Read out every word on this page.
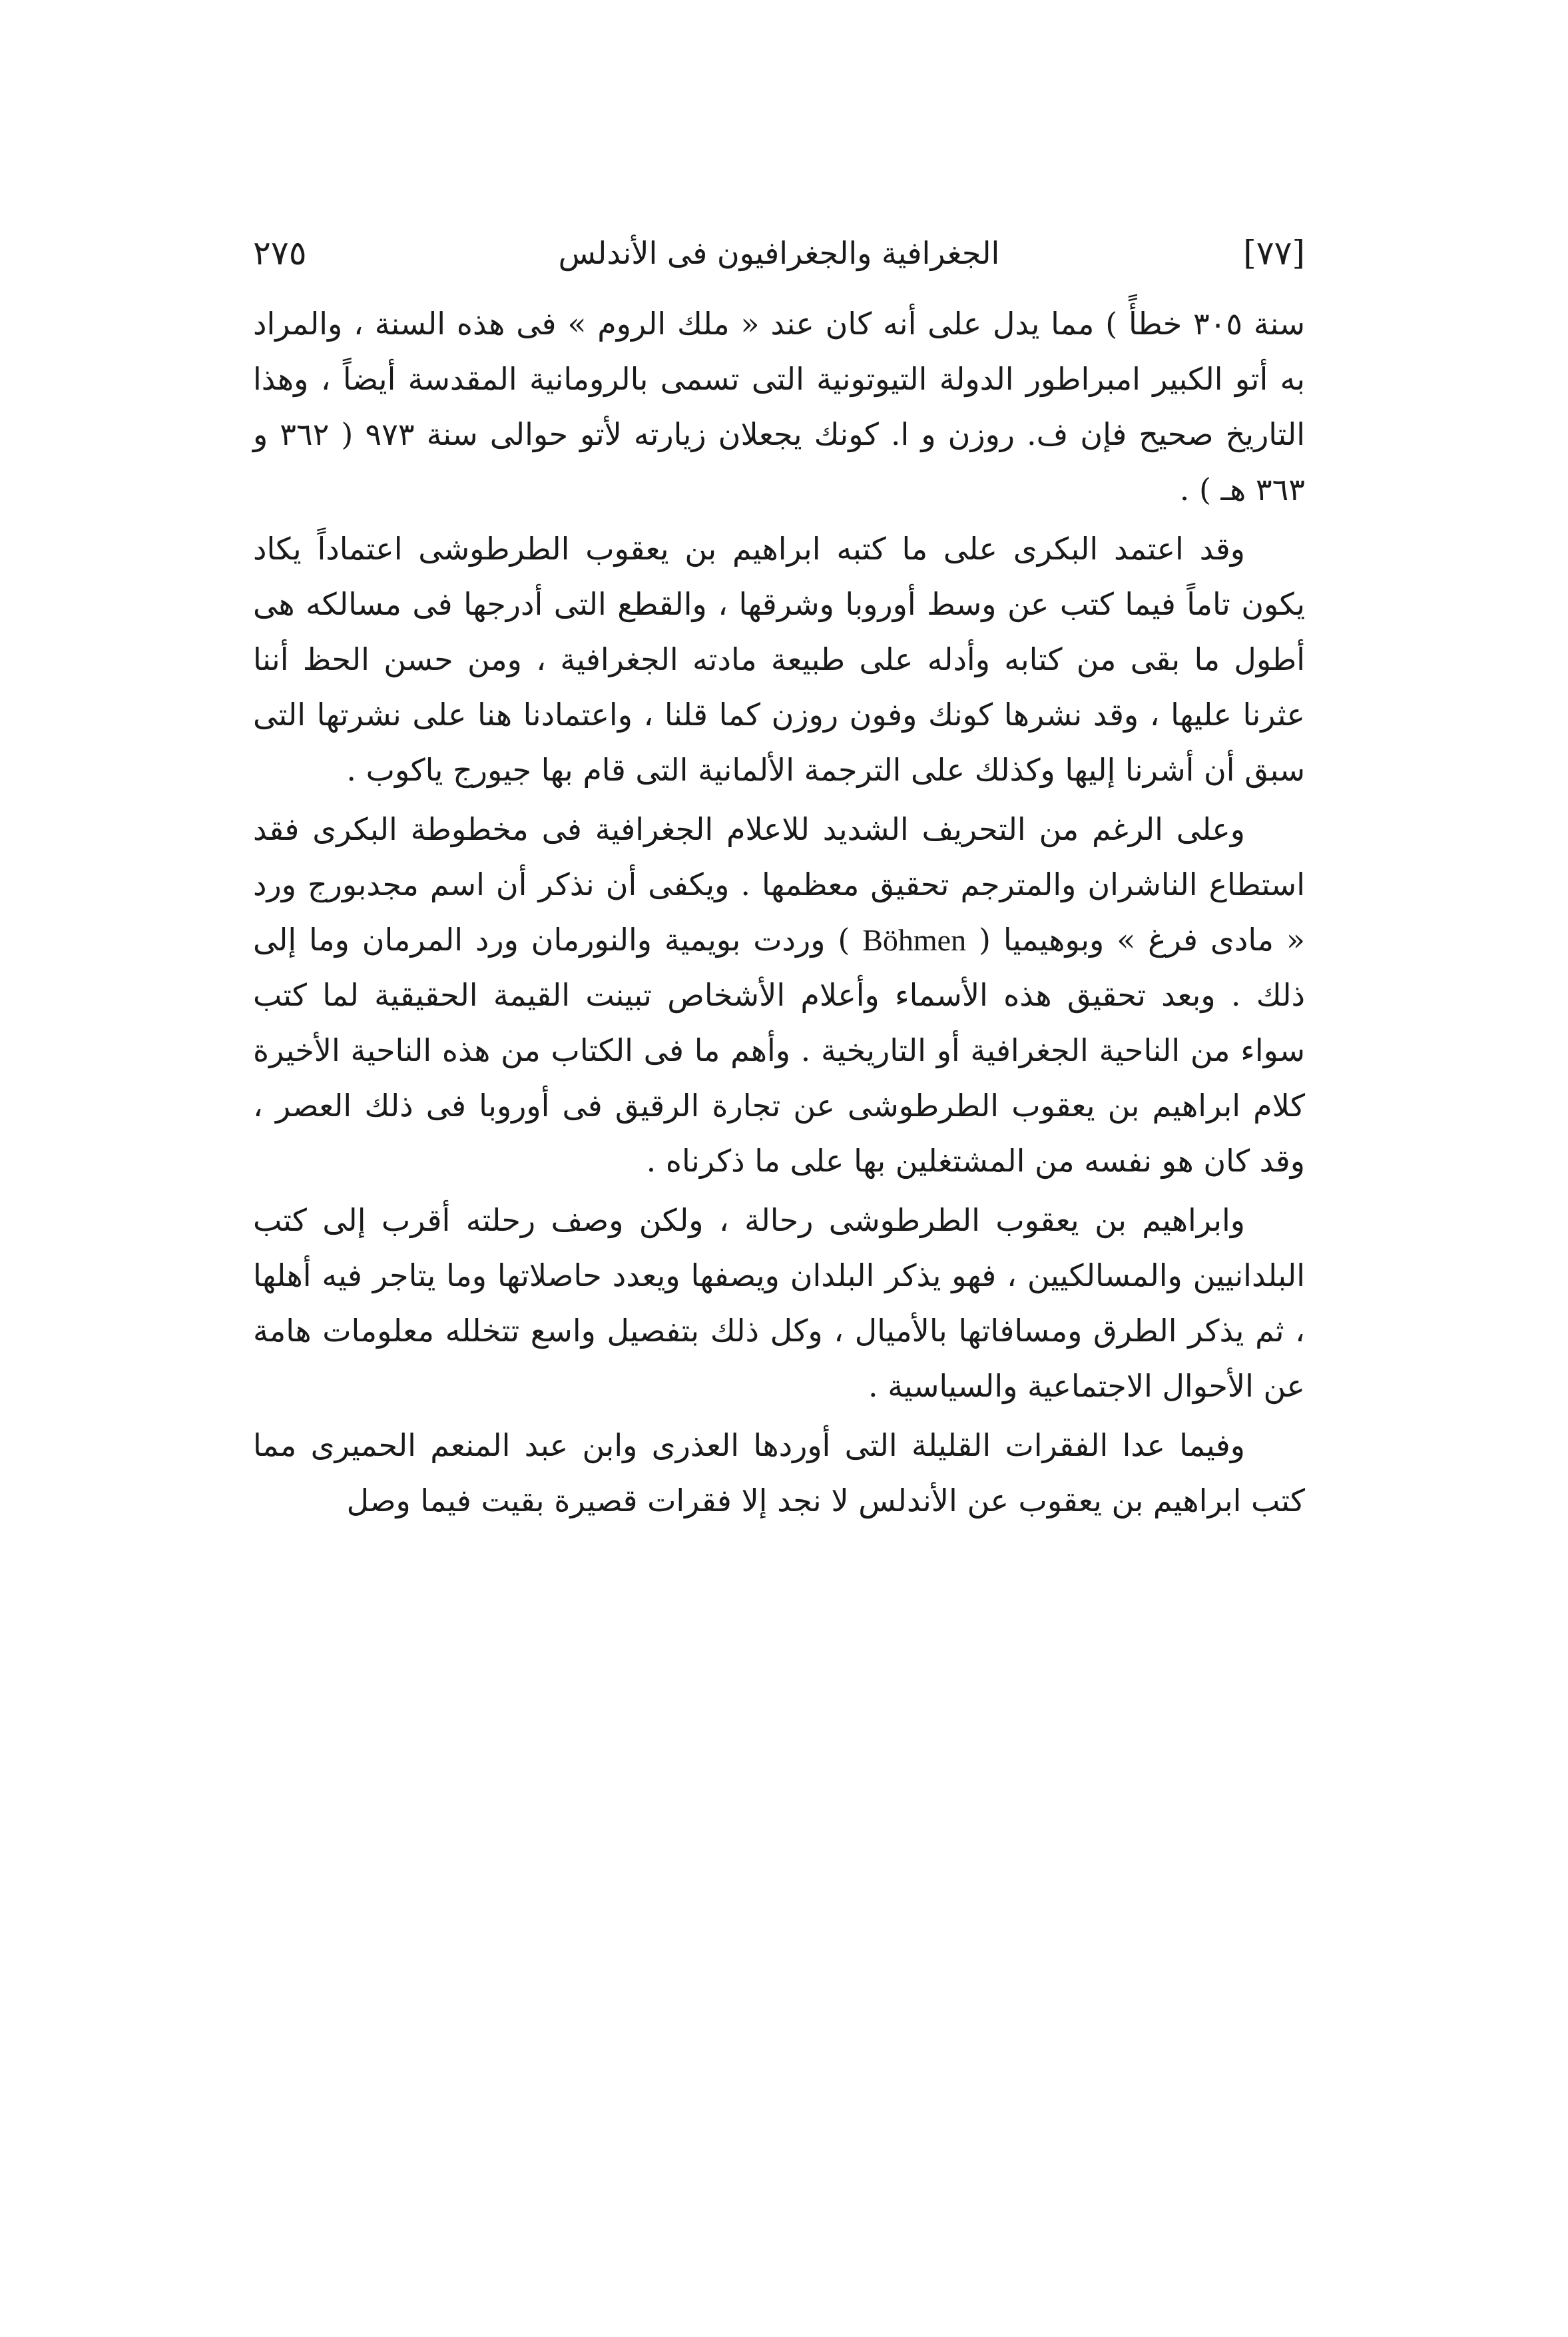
[٧٧]
الجغرافية والجغرافيون فى الأندلس
٢٧٥

سنة ٣٠٥ خطأً ) مما يدل على أنه كان عند « ملك الروم » فى هذه السنة ، والمراد به أتو الكبير امبراطور الدولة التيوتونية التى تسمى بالرومانية المقدسة أيضاً ، وهذا التاريخ صحيح فإن ف. روزن و ا. كونك يجعلان زيارته لأتو حوالى سنة ٩٧٣ ( ٣٦٢ و ٣٦٣ هـ ) .

وقد اعتمد البكرى على ما كتبه ابراهيم بن يعقوب الطرطوشى اعتماداً يكاد يكون تاماً فيما كتب عن وسط أوروبا وشرقها ، والقطع التى أدرجها فى مسالكه هى أطول ما بقى من كتابه وأدله على طبيعة مادته الجغرافية ، ومن حسن الحظ أننا عثرنا عليها ، وقد نشرها كونك وفون روزن كما قلنا ، واعتمادنا هنا على نشرتها التى سبق أن أشرنا إليها وكذلك على الترجمة الألمانية التى قام بها جيورج ياكوب .

وعلى الرغم من التحريف الشديد للاعلام الجغرافية فى مخطوطة البكرى فقد استطاع الناشران والمترجم تحقيق معظمها . ويكفى أن نذكر أن اسم مجدبورج ورد « مادى فرغ » وبوهيميا ( Böhmen ) وردت بويمية والنورمان ورد المرمان وما إلى ذلك . وبعد تحقيق هذه الأسماء وأعلام الأشخاص تبينت القيمة الحقيقية لما كتب سواء من الناحية الجغرافية أو التاريخية . وأهم ما فى الكتاب من هذه الناحية الأخيرة كلام ابراهيم بن يعقوب الطرطوشى عن تجارة الرقيق فى أوروبا فى ذلك العصر ، وقد كان هو نفسه من المشتغلين بها على ما ذكرناه .

وابراهيم بن يعقوب الطرطوشى رحالة ، ولكن وصف رحلته أقرب إلى كتب البلدانيين والمسالكيين ، فهو يذكر البلدان ويصفها ويعدد حاصلاتها وما يتاجر فيه أهلها ، ثم يذكر الطرق ومسافاتها بالأميال ، وكل ذلك بتفصيل واسع تتخلله معلومات هامة عن الأحوال الاجتماعية والسياسية .

وفيما عدا الفقرات القليلة التى أوردها العذرى وابن عبد المنعم الحميرى مما كتب ابراهيم بن يعقوب عن الأندلس لا نجد إلا فقرات قصيرة بقيت فيما وصل
